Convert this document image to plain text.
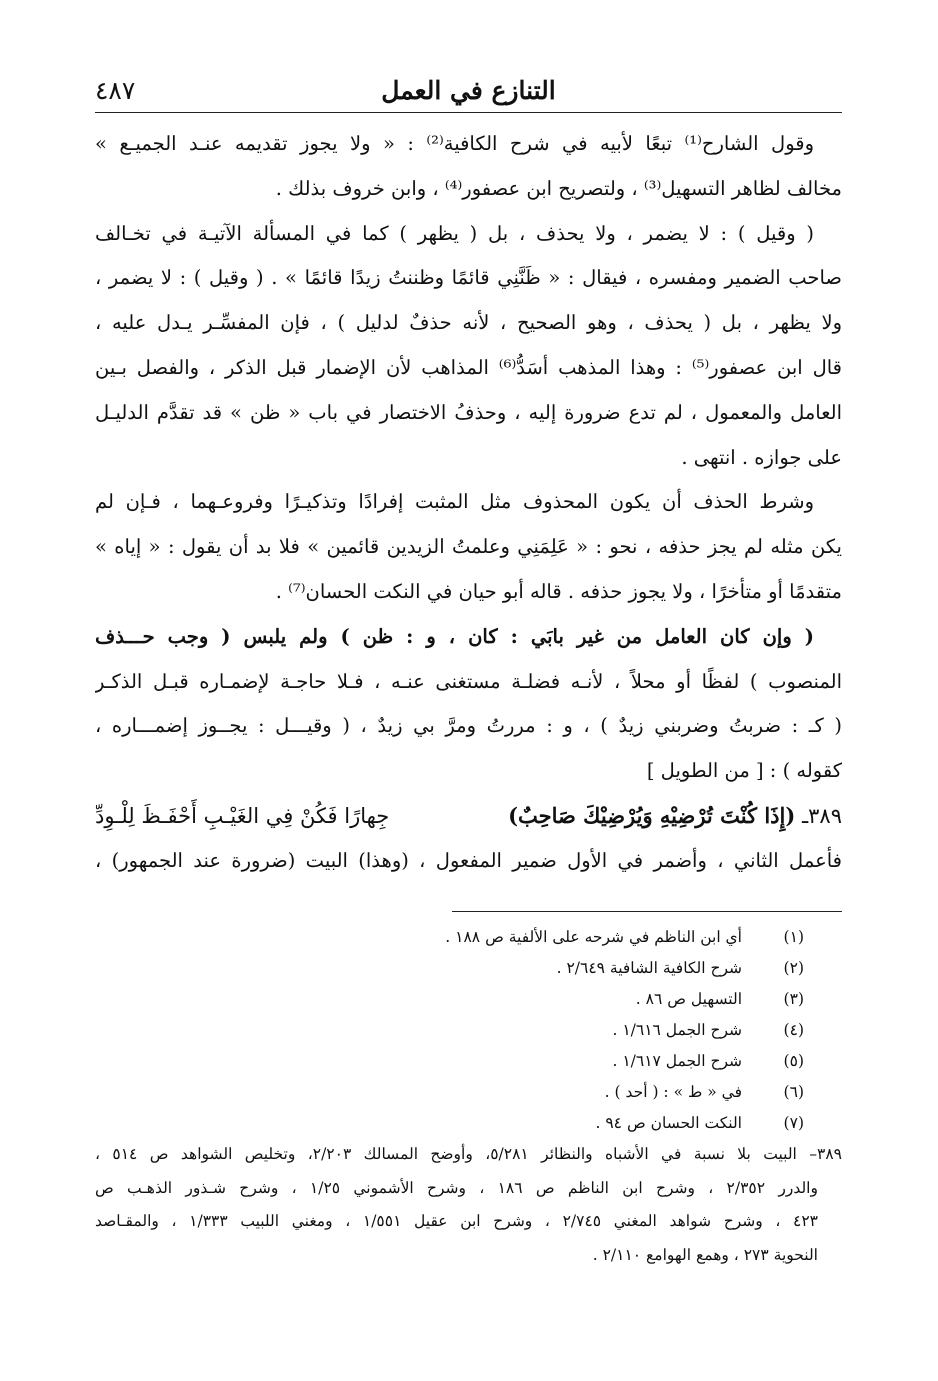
التنازع في العمل
٤٨٧
وقول الشارح⁽¹⁾ تبعًا لأبيه في شرح الكافية⁽²⁾ : « ولا يجوز تقديمه عنـد الجميـع »
مخالف لظاهر التسهيل⁽³⁾ ، ولتصريح ابن عصفور⁽⁴⁾ ، وابن خروف بذلك .
( وقيل ) : لا يضمر ، ولا يحذف ، بل ( يظهر ) كما في المسألة الآتيـة في تخـالف
صاحب الضمير ومفسره ، فيقال : « ظَنَّنِي قائمًا وظننتُ زيدًا قائمًا » . ( وقيل ) : لا يضمر ،
ولا يظهر ، بل ( يحذف ، وهو الصحيح ، لأنه حذفٌ لدليل ) ، فإن المفسِّـر يـدل عليه ،
قال ابن عصفور⁽⁵⁾ : وهذا المذهب أسَدُّ⁽⁶⁾ المذاهب لأن الإضمار قبل الذكر ، والفصل بـين
العامل والمعمول ، لم تدع ضرورة إليه ، وحذفُ الاختصار في باب « ظن » قد تقدَّم الدليـل
على جوازه . انتهى .
وشرط الحذف أن يكون المحذوف مثل المثبت إفرادًا وتذكيـرًا وفروعـهما ، فـإن لم
يكن مثله لم يجز حذفه ، نحو : « عَلِمَنِي وعلمتُ الزيدين قائمين » فلا بد أن يقول : « إياه »
متقدمًا أو متأخرًا ، ولا يجوز حذفه . قاله أبو حيان في النكت الحسان⁽⁷⁾ .
( وإن كان العامل من غير بابَي : كان ، و : ظن ) ولم يلبس ( وجب حـــذف
المنصوب ) لفظًا أو محلاً ، لأنـه فضلـة مستغنى عنـه ، فـلا حاجـة لإضمـاره قبـل الذكـر
( كـ : ضربتُ وضربني زيدٌ ) ، و : مررتُ ومرَّ بي زيدٌ ، ( وقيـــل : يجــوز إضمـــاره ،
كقوله ) : [ من الطويل ]
٣٨٩ـ (إِذَا كُنْتَ تُرْضِيْهِ وَيُرْضِيْكَ صَاحِبٌ)
جِهارًا فَكُنْ فِي الغَيْـبِ أَحْفَـظَ لِلْـوِدِّ
فأعمل الثاني ، وأضمر في الأول ضمير المفعول ، (وهذا) البيت (ضرورة عند الجمهور) ،
(١)أي ابن الناظم في شرحه على الألفية ص ١٨٨ .
(٢)شرح الكافية الشافية ٢/٦٤٩ .
(٣)التسهيل ص ٨٦ .
(٤)شرح الجمل ١/٦١٦ .
(٥)شرح الجمل ١/٦١٧ .
(٦)في « ط » : ( أحد ) .
(٧)النكت الحسان ص ٩٤ .
٣٨٩– البيت بلا نسبة في الأشباه والنظائر ٥/٢٨١، وأوضح المسالك ٢/٢٠٣، وتخليص الشواهد ص ٥١٤ ،
والدرر ٢/٣٥٢ ، وشرح ابن الناظم ص ١٨٦ ، وشرح الأشموني ١/٢٥ ، وشرح شـذور الذهـب ص
٤٢٣ ، وشرح شواهد المغني ٢/٧٤٥ ، وشرح ابن عقيل ١/٥٥١ ، ومغني اللبيب ١/٣٣٣ ، والمقـاصد
النحوية ٢٧٣ ، وهمع الهوامع ٢/١١٠ .
